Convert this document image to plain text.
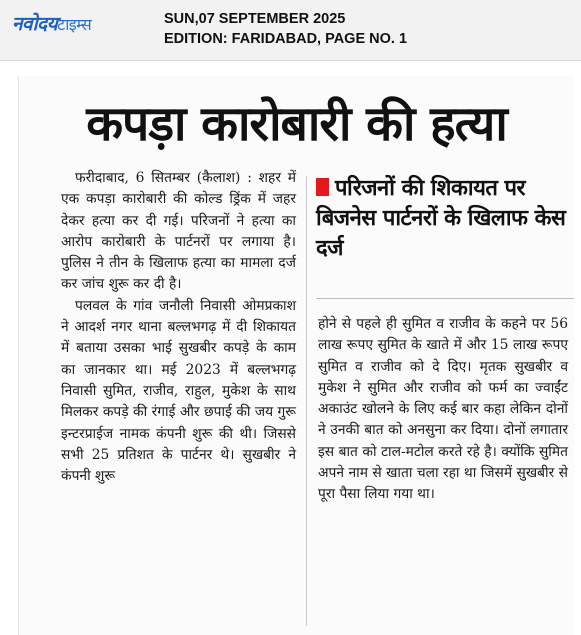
नवोदयटाइम्स	SUN,07 SEPTEMBER 2025
EDITION: FARIDABAD, PAGE NO. 1
कपड़ा कारोबारी की हत्या

फरीदाबाद, 6 सितम्बर (कैलाश) : शहर में एक कपड़ा कारोबारी की कोल्ड ड्रिंक में जहर देकर हत्या कर दी गई। परिजनों ने हत्या का आरोप कारोबारी के पार्टनरों पर लगाया है। पुलिस ने तीन के खिलाफ हत्या का मामला दर्ज कर जांच शुरू कर दी है।

पलवल के गांव जनौली निवासी ओमप्रकाश ने आदर्श नगर थाना बल्लभगढ़ में दी शिकायत में बताया उसका भाई सुखबीर कपड़े के काम का जानकार था। मई 2023 में बल्लभगढ़ निवासी सुमित, राजीव, राहुल, मुकेश के साथ मिलकर कपड़े की रंगाई और छपाई की जय गुरू इन्टरप्राईज नामक कंपनी शुरू की थी। जिससे सभी 25 प्रतिशत के पार्टनर थे। सुखबीर ने कंपनी शुरू

परिजनों की शिकायत पर बिजनेस पार्टनरों के खिलाफ केस दर्ज

होने से पहले ही सुमित व राजीव के कहने पर 56 लाख रूपए सुमित के खाते में और 15 लाख रूपए सुमित व राजीव को दे दिए। मृतक सुखबीर व मुकेश ने सुमित और राजीव को फर्म का ज्वाईंट अकाउंट खोलने के लिए कई बार कहा लेकिन दोनों ने उनकी बात को अनसुना कर दिया। दोनों लगातार इस बात को टाल-मटोल करते रहे है। क्योंकि सुमित अपने नाम से खाता चला रहा था जिसमें सुखबीर से पूरा पैसा लिया गया था।
